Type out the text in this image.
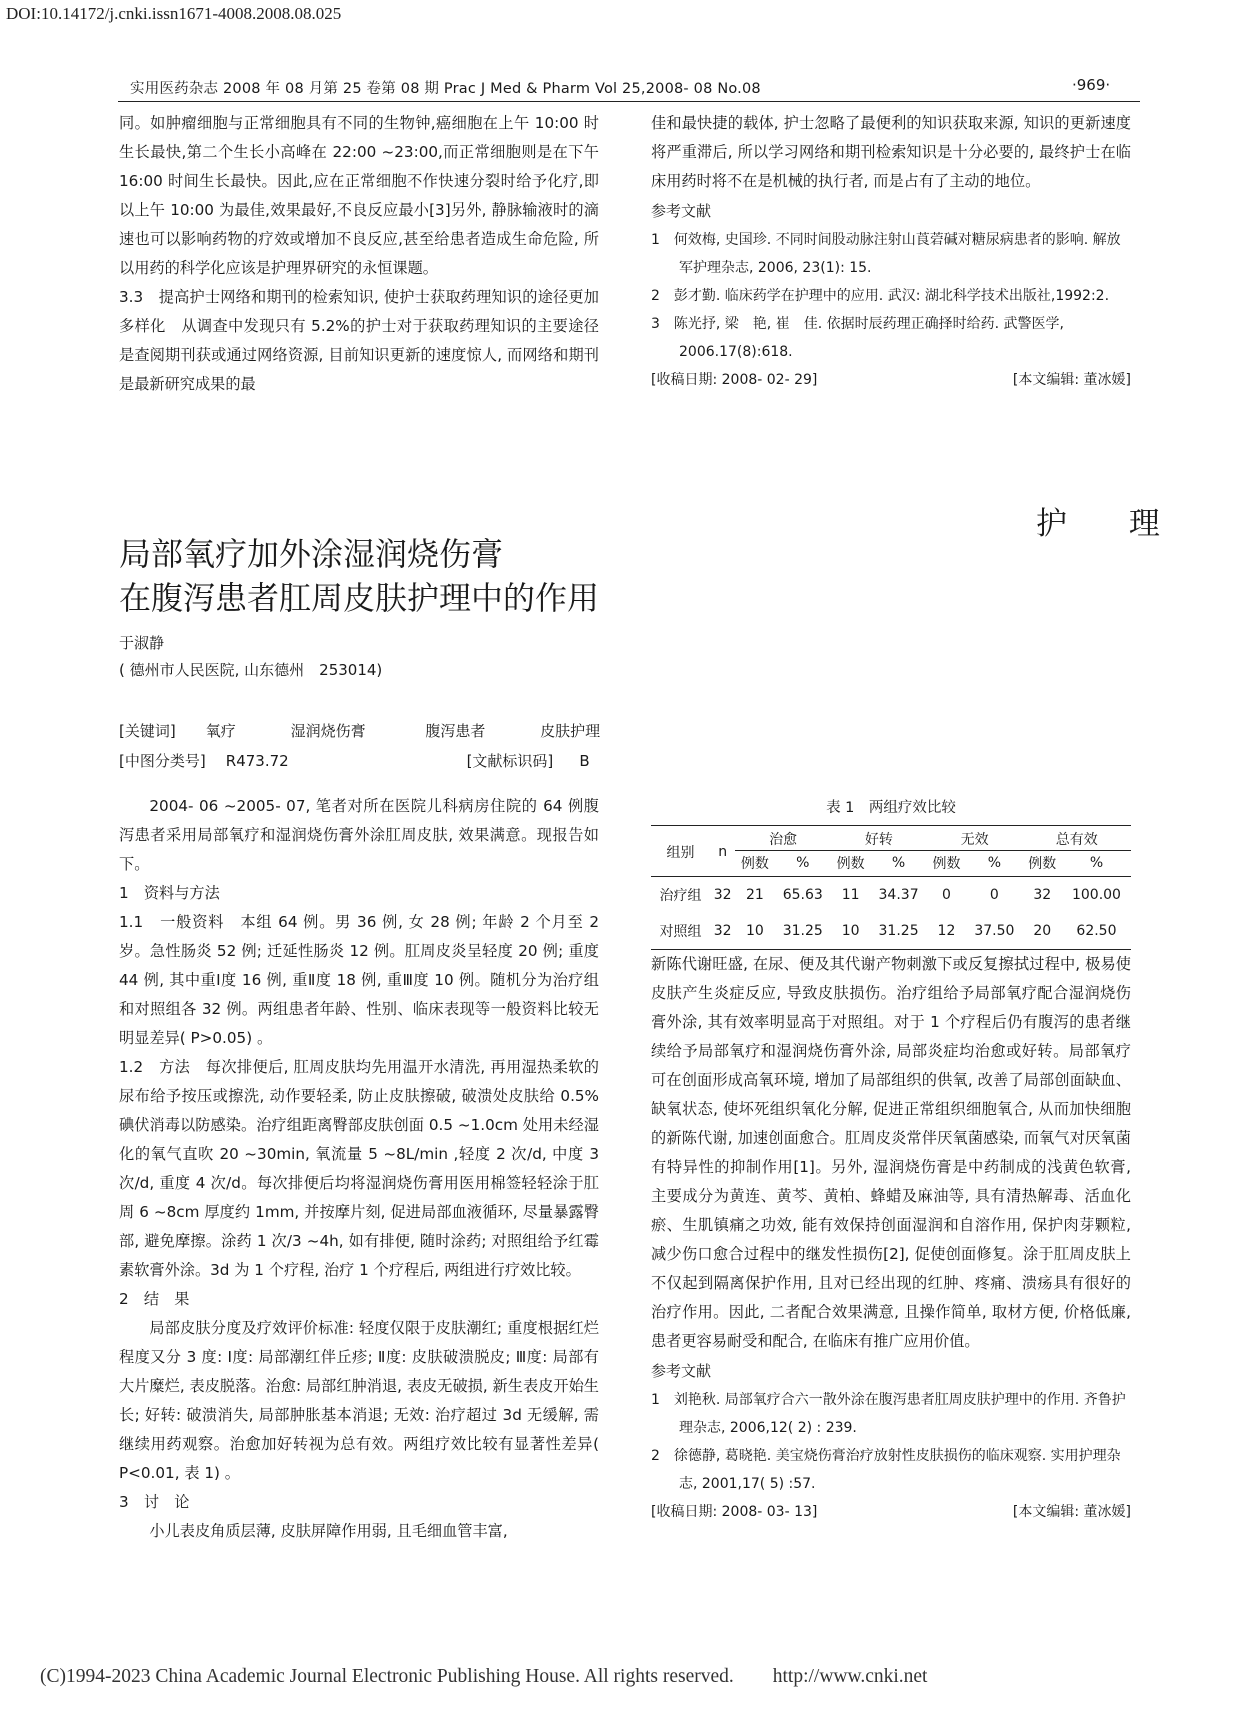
DOI:10.14172/j.cnki.issn1671-4008.2008.08.025
实用医药杂志 2008 年 08 月第 25 卷第 08 期 Prac J Med & Pharm Vol 25,2008- 08 No.08	·969·

同。如肿瘤细胞与正常细胞具有不同的生物钟,癌细胞在上午 10:00 时生长最快,第二个生长小高峰在 22:00 ~23:00,而正常细胞则是在下午 16:00 时间生长最快。因此,应在正常细胞不作快速分裂时给予化疗,即以上午 10:00 为最佳,效果最好,不良反应最小[3]另外, 静脉输液时的滴速也可以影响药物的疗效或增加不良反应,甚至给患者造成生命危险, 所以用药的科学化应该是护理界研究的永恒课题。

3.3　提高护士网络和期刊的检索知识, 使护士获取药理知识的途径更加多样化　从调查中发现只有 5.2%的护士对于获取药理知识的主要途径是查阅期刊获或通过网络资源, 目前知识更新的速度惊人, 而网络和期刊是最新研究成果的最

佳和最快捷的载体, 护士忽略了最便利的知识获取来源, 知识的更新速度将严重滞后, 所以学习网络和期刊检索知识是十分必要的, 最终护士在临床用药时将不在是机械的执行者, 而是占有了主动的地位。

参考文献

1　何效梅, 史国珍. 不同时间股动脉注射山莨菪碱对糖尿病患者的影响. 解放军护理杂志, 2006, 23(1): 15.

2　彭才勤. 临床药学在护理中的应用. 武汉: 湖北科学技术出版社,1992:2.

3　陈光抒, 梁　艳, 崔　佳. 依据时辰药理正确择时给药. 武警医学, 2006.17(8):618.

[收稿日期: 2008- 02- 29]	[本文编辑: 董冰媛]
护 理
局部氧疗加外涂湿润烧伤膏
在腹泻患者肛周皮肤护理中的作用
于淑静
( 德州市人民医院, 山东德州　253014)
[关键词] 氧疗	湿润烧伤膏	腹泻患者	皮肤护理
[中图分类号] R473.72	[文献标识码] B

2004- 06 ~2005- 07, 笔者对所在医院儿科病房住院的 64 例腹泻患者采用局部氧疗和湿润烧伤膏外涂肛周皮肤, 效果满意。现报告如下。

1　资料与方法

1.1　一般资料　本组 64 例。男 36 例, 女 28 例; 年龄 2 个月至 2 岁。急性肠炎 52 例; 迁延性肠炎 12 例。肛周皮炎呈轻度 20 例; 重度 44 例, 其中重Ⅰ度 16 例, 重Ⅱ度 18 例, 重Ⅲ度 10 例。随机分为治疗组和对照组各 32 例。两组患者年龄、性别、临床表现等一般资料比较无明显差异( P>0.05) 。

1.2　方法　每次排便后, 肛周皮肤均先用温开水清洗, 再用湿热柔软的尿布给予按压或擦洗, 动作要轻柔, 防止皮肤擦破, 破溃处皮肤给 0.5%碘伏消毒以防感染。治疗组距离臀部皮肤创面 0.5 ~1.0cm 处用未经湿化的氧气直吹 20 ~30min, 氧流量 5 ~8L/min ,轻度 2 次/d, 中度 3 次/d, 重度 4 次/d。每次排便后均将湿润烧伤膏用医用棉签轻轻涂于肛周 6 ~8cm 厚度约 1mm, 并按摩片刻, 促进局部血液循环, 尽量暴露臀部, 避免摩擦。涂药 1 次/3 ~4h, 如有排便, 随时涂药; 对照组给予红霉素软膏外涂。3d 为 1 个疗程, 治疗 1 个疗程后, 两组进行疗效比较。

2　结　果

局部皮肤分度及疗效评价标准: 轻度仅限于皮肤潮红; 重度根据红烂程度又分 3 度: Ⅰ度: 局部潮红伴丘疹; Ⅱ度: 皮肤破溃脱皮; Ⅲ度: 局部有大片糜烂, 表皮脱落。治愈: 局部红肿消退, 表皮无破损, 新生表皮开始生长; 好转: 破溃消失, 局部肿胀基本消退; 无效: 治疗超过 3d 无缓解, 需继续用药观察。治愈加好转视为总有效。两组疗效比较有显著性差异( P<0.01, 表 1) 。

3　讨　论

小儿表皮角质层薄, 皮肤屏障作用弱, 且毛细血管丰富,

表 1　两组疗效比较
组别	n	治愈		好转		无效		总有效	
		例数	%	例数	%	例数	%	例数	%
治疗组	32	21	65.63	11	34.37	0	0	32	100.00
对照组	32	10	31.25	10	31.25	12	37.50	20	62.50

新陈代谢旺盛, 在尿、便及其代谢产物刺激下或反复擦拭过程中, 极易使皮肤产生炎症反应, 导致皮肤损伤。治疗组给予局部氧疗配合湿润烧伤膏外涂, 其有效率明显高于对照组。对于 1 个疗程后仍有腹泻的患者继续给予局部氧疗和湿润烧伤膏外涂, 局部炎症均治愈或好转。局部氧疗可在创面形成高氧环境, 增加了局部组织的供氧, 改善了局部创面缺血、缺氧状态, 使坏死组织氧化分解, 促进正常组织细胞氧合, 从而加快细胞的新陈代谢, 加速创面愈合。肛周皮炎常伴厌氧菌感染, 而氧气对厌氧菌有特异性的抑制作用[1]。另外, 湿润烧伤膏是中药制成的浅黄色软膏, 主要成分为黄连、黄芩、黄柏、蜂蜡及麻油等, 具有清热解毒、活血化瘀、生肌镇痛之功效, 能有效保持创面湿润和自溶作用, 保护肉芽颗粒, 减少伤口愈合过程中的继发性损伤[2], 促使创面修复。涂于肛周皮肤上不仅起到隔离保护作用, 且对已经出现的红肿、疼痛、溃疡具有很好的治疗作用。因此, 二者配合效果满意, 且操作简单, 取材方便, 价格低廉, 患者更容易耐受和配合, 在临床有推广应用价值。

参考文献

1　刘艳秋. 局部氧疗合六一散外涂在腹泻患者肛周皮肤护理中的作用. 齐鲁护理杂志, 2006,12( 2) : 239.

2　徐德静, 葛晓艳. 美宝烧伤膏治疗放射性皮肤损伤的临床观察. 实用护理杂志, 2001,17( 5) :57.

[收稿日期: 2008- 03- 13]	[本文编辑: 董冰媛]
(C)1994-2023 China Academic Journal Electronic Publishing House. All rights reserved.　　http://www.cnki.net
